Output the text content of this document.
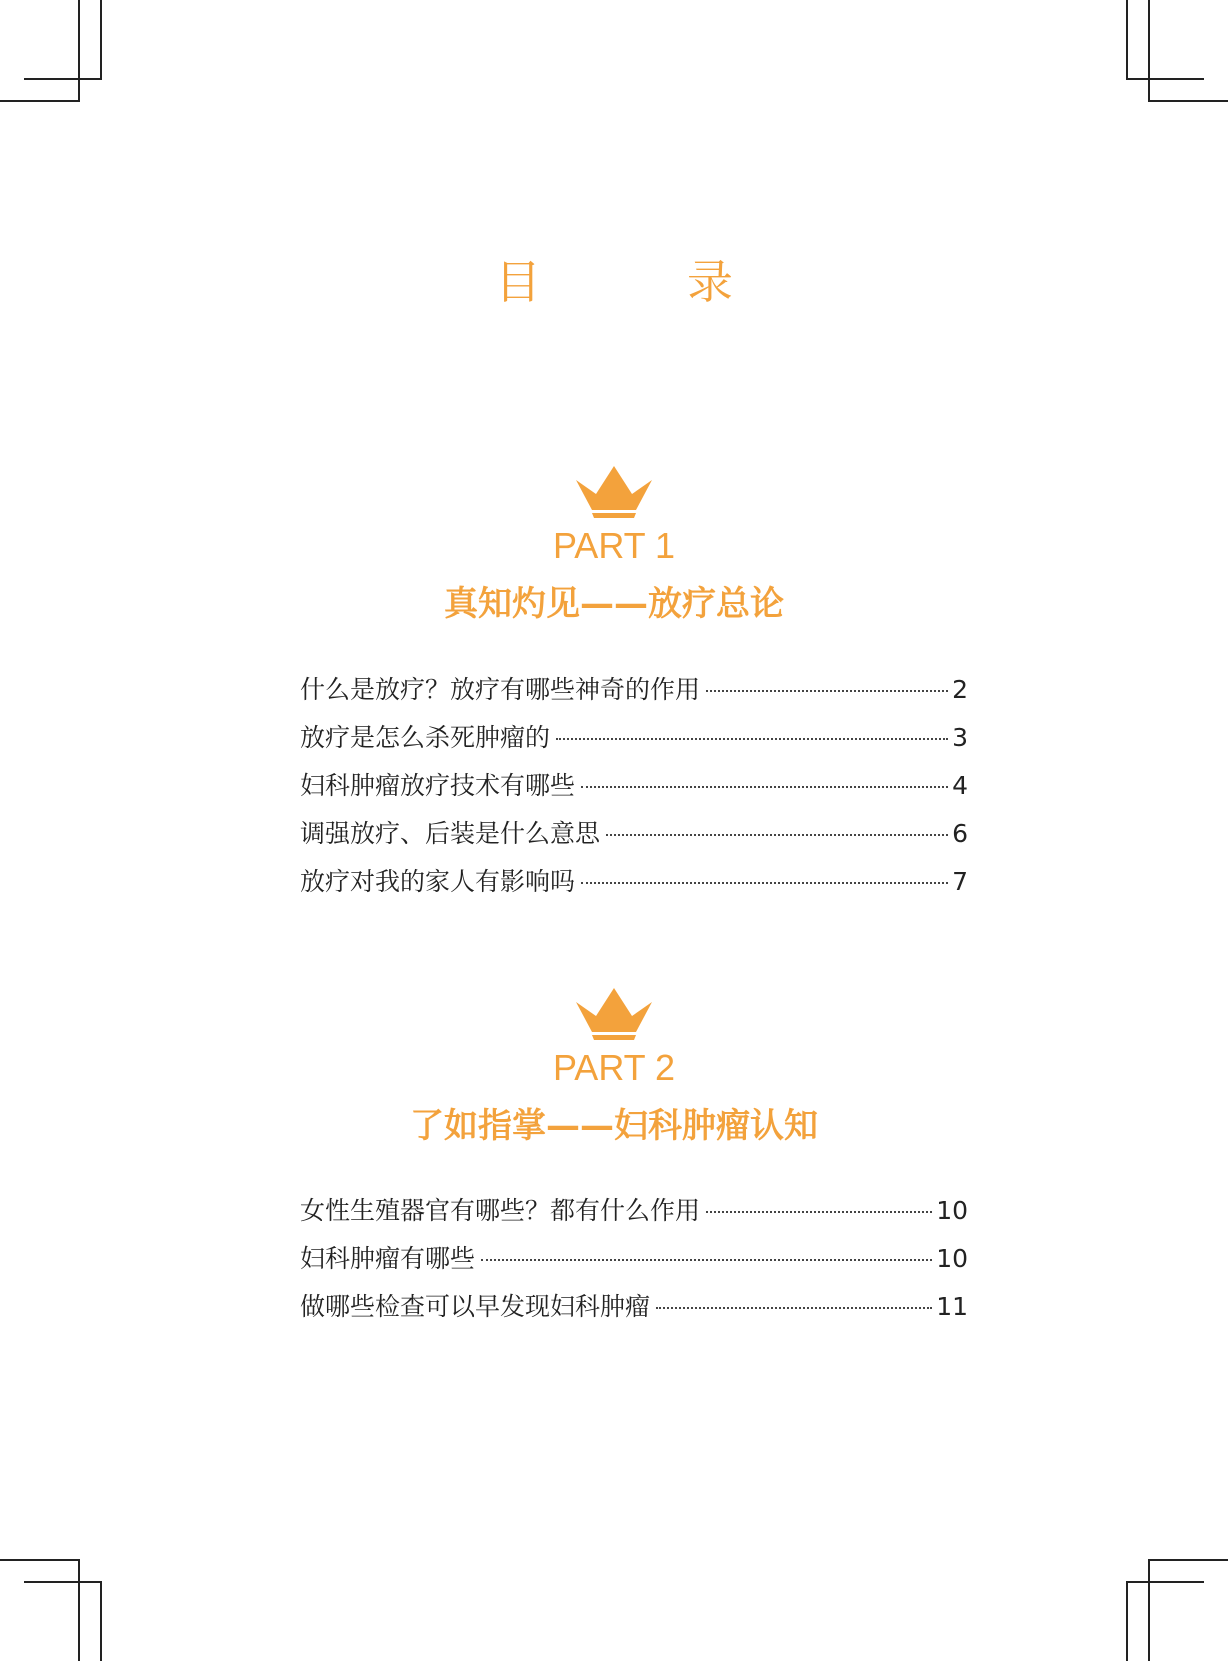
目　录
PART 1
真知灼见——放疗总论
什么是放疗？放疗有哪些神奇的作用	2
放疗是怎么杀死肿瘤的	3
妇科肿瘤放疗技术有哪些	4
调强放疗、后装是什么意思	6
放疗对我的家人有影响吗	7
PART 2
了如指掌——妇科肿瘤认知
女性生殖器官有哪些？都有什么作用	10
妇科肿瘤有哪些	10
做哪些检查可以早发现妇科肿瘤	11
